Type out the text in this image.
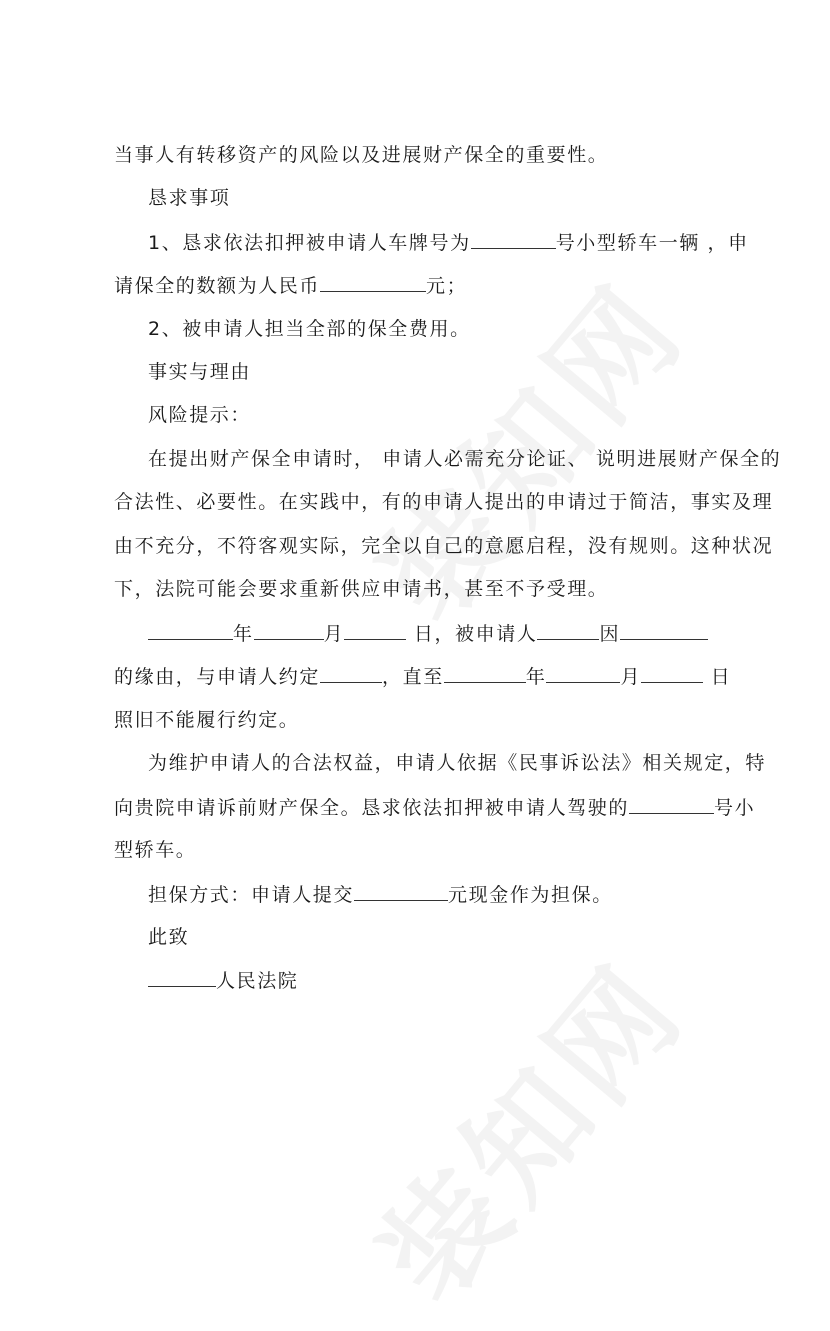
当事人有转移资产的风险以及进展财产保全的重要性。

恳求事项

1、恳求依法扣押被申请人车牌号为	号小型轿车一辆 ，申

请保全的数额为人民币	元；

2、被申请人担当全部的保全费用。

事实与理由

风险提示：

在提出财产保全申请时， 申请人必需充分论证、 说明进展财产保全的

合法性、必要性。在实践中，有的申请人提出的申请过于简洁，事实及理

由不充分，不符客观实际，完全以自己的意愿启程，没有规则。这种状况

下，法院可能会要求重新供应申请书，甚至不予受理。

年	月	日，被申请人	因

的缘由，与申请人约定	，直至	年	月	日

照旧不能履行约定。

为维护申请人的合法权益，申请人依据《民事诉讼法》相关规定，特

向贵院申请诉前财产保全。恳求依法扣押被申请人驾驶的	号小

型轿车。

担保方式：申请人提交	元现金作为担保。

此致

人民法院
